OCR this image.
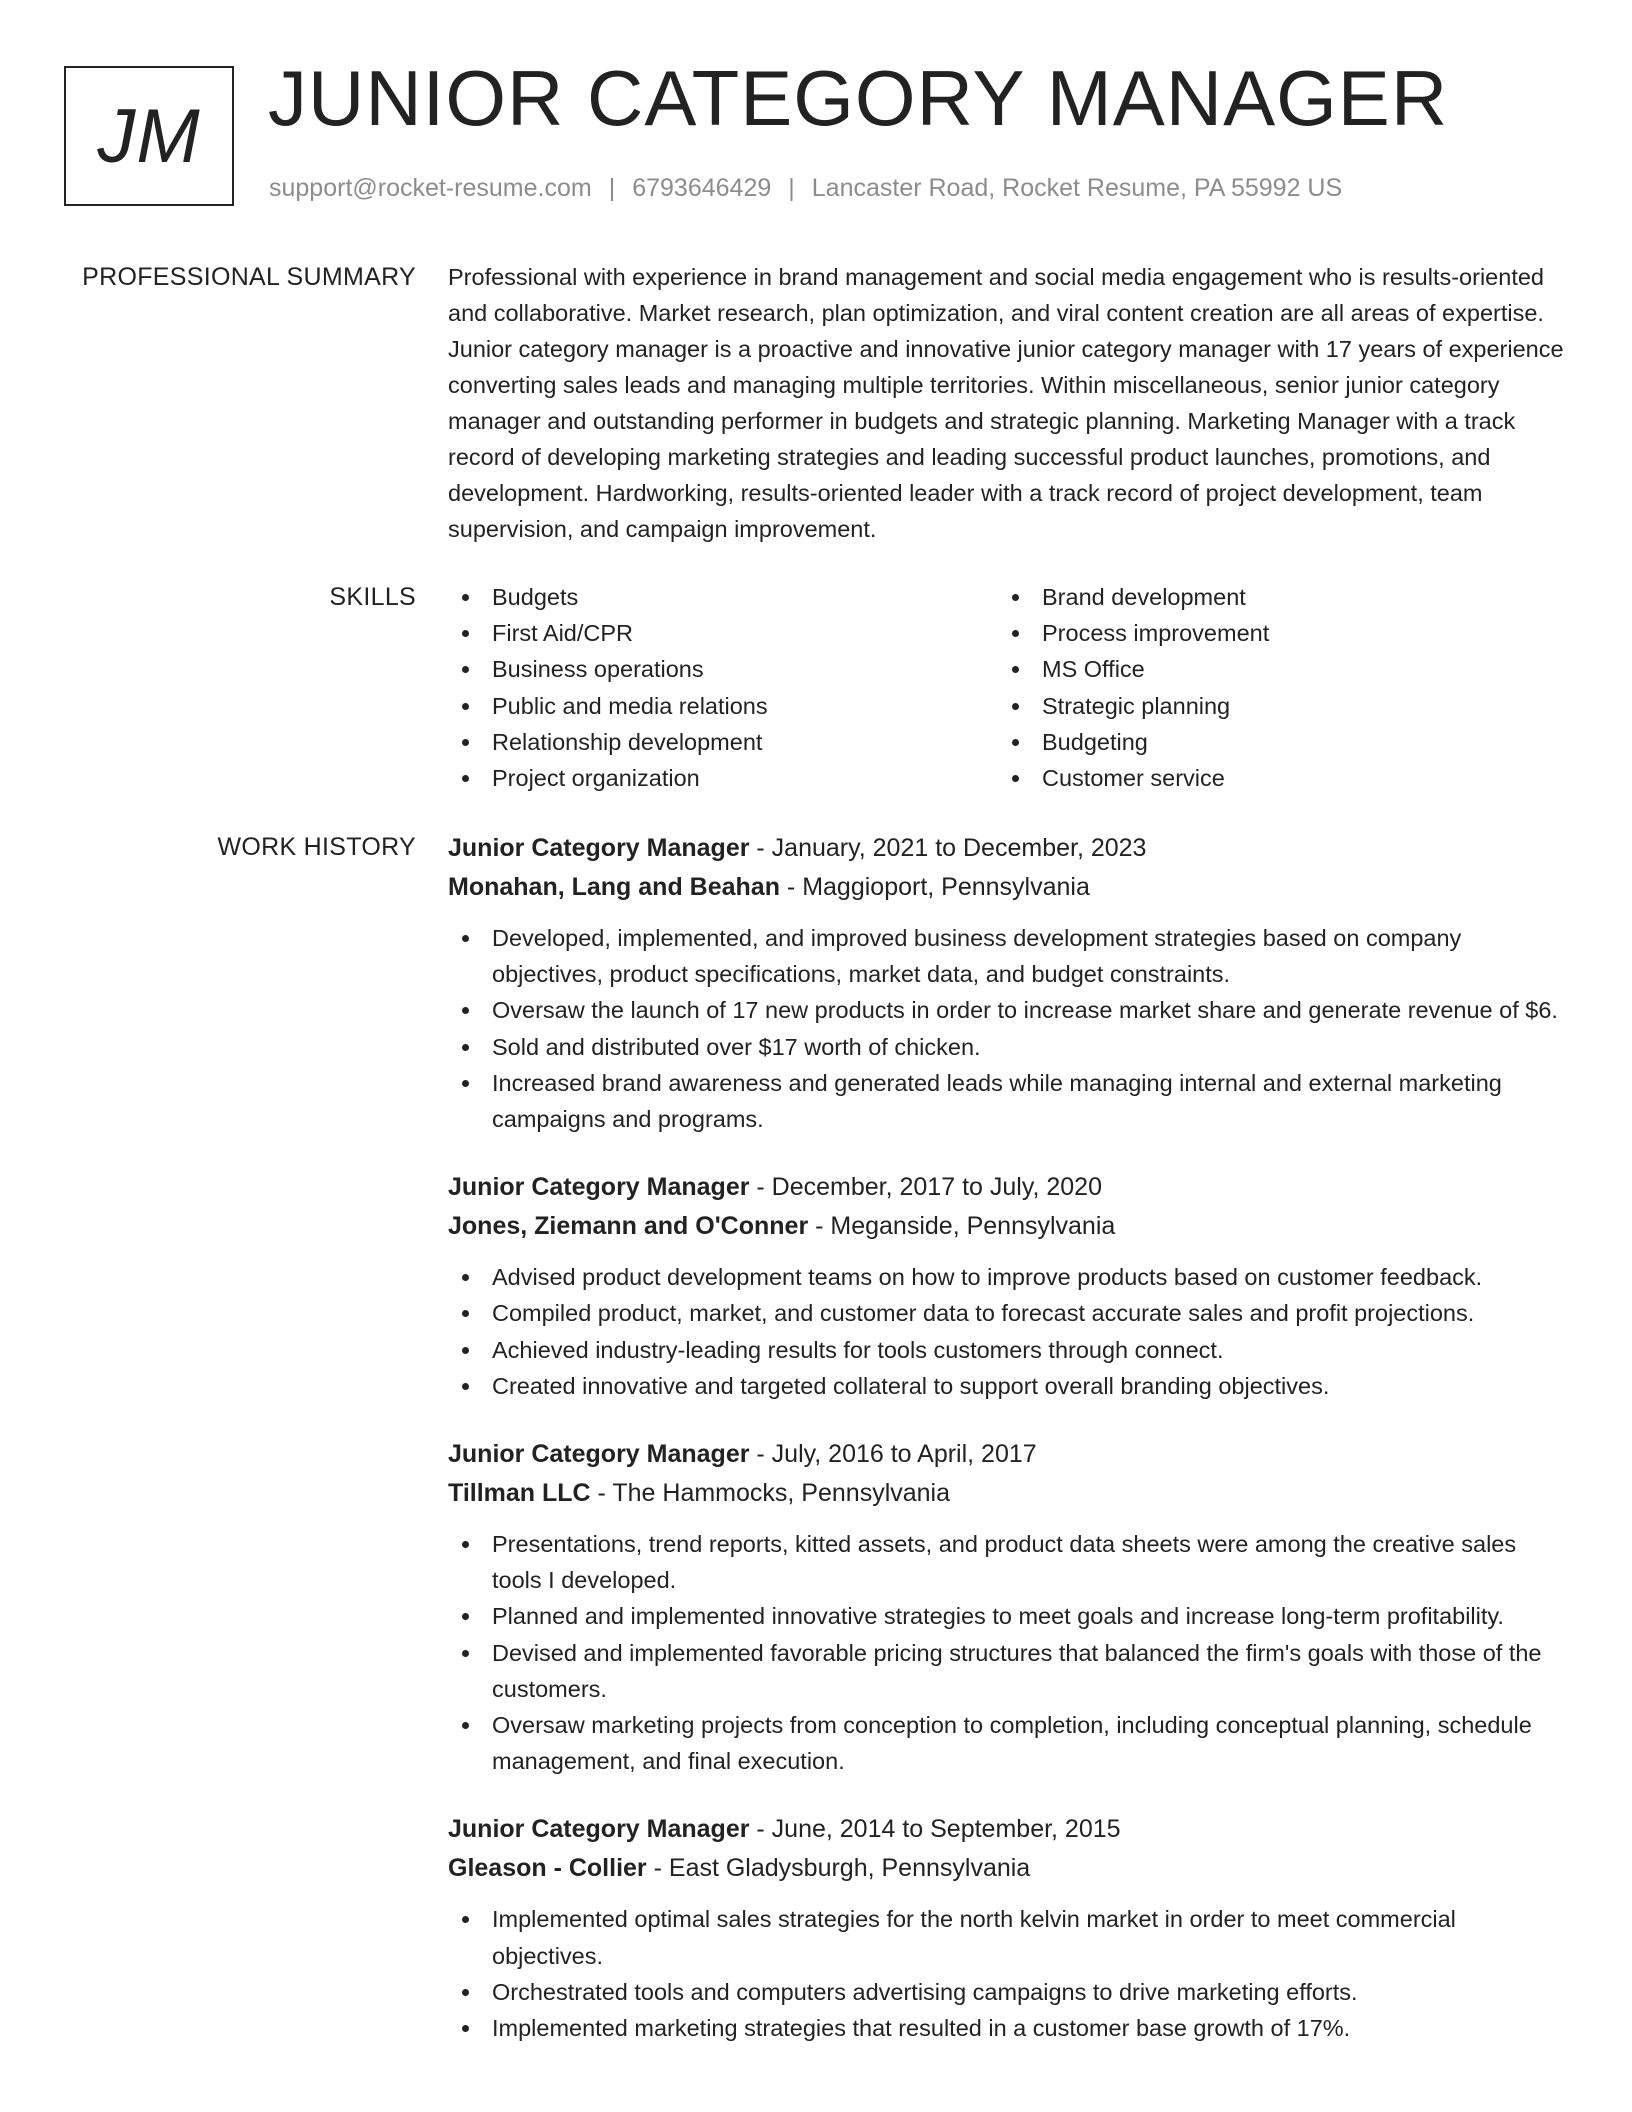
JM JUNIOR CATEGORY MANAGER
support@rocket-resume.com | 6793646429 | Lancaster Road, Rocket Resume, PA 55992 US
PROFESSIONAL SUMMARY Professional with experience in brand management and social media engagement who is results-oriented and collaborative. Market research, plan optimization, and viral content creation are all areas of expertise. Junior category manager is a proactive and innovative junior category manager with 17 years of experience converting sales leads and managing multiple territories. Within miscellaneous, senior junior category manager and outstanding performer in budgets and strategic planning. Marketing Manager with a track record of developing marketing strategies and leading successful product launches, promotions, and development. Hardworking, results-oriented leader with a track record of project development, team supervision, and campaign improvement.

SKILLS	Budgets
First Aid/CPR
Business operations
Public and media relations
Relationship development
Project organization
Brand development
Process improvement
MS Office
Strategic planning
Budgeting
Customer service
WORK HISTORY Junior Category Manager - January, 2021 to December, 2023
Monahan, Lang and Beahan - Maggioport, Pennsylvania
Developed, implemented, and improved business development strategies based on company objectives, product specifications, market data, and budget constraints.
Oversaw the launch of 17 new products in order to increase market share and generate revenue of $6.
Sold and distributed over $17 worth of chicken.
Increased brand awareness and generated leads while managing internal and external marketing campaigns and programs.
Junior Category Manager - December, 2017 to July, 2020
Jones, Ziemann and O'Conner - Meganside, Pennsylvania
Advised product development teams on how to improve products based on customer feedback.
Compiled product, market, and customer data to forecast accurate sales and profit projections.
Achieved industry-leading results for tools customers through connect.
Created innovative and targeted collateral to support overall branding objectives.
Junior Category Manager - July, 2016 to April, 2017
Tillman LLC - The Hammocks, Pennsylvania
Presentations, trend reports, kitted assets, and product data sheets were among the creative sales tools I developed.
Planned and implemented innovative strategies to meet goals and increase long-term profitability.
Devised and implemented favorable pricing structures that balanced the firm's goals with those of the customers.
Oversaw marketing projects from conception to completion, including conceptual planning, schedule management, and final execution.
Junior Category Manager - June, 2014 to September, 2015
Gleason - Collier - East Gladysburgh, Pennsylvania
Implemented optimal sales strategies for the north kelvin market in order to meet commercial objectives.
Orchestrated tools and computers advertising campaigns to drive marketing efforts.
Implemented marketing strategies that resulted in a customer base growth of 17%.
